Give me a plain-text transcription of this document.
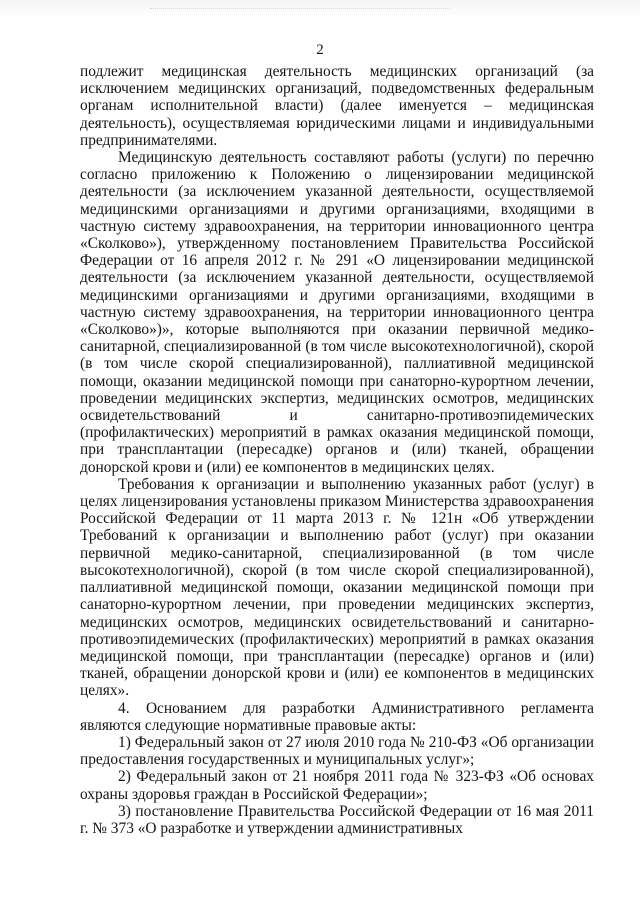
2

подлежит медицинская деятельность медицинских организаций (за исключением медицинских организаций, подведомственных федеральным органам исполнительной власти) (далее именуется – медицинская деятельность), осуществляемая юридическими лицами и индивидуальными предпринимателями.

Медицинскую деятельность составляют работы (услуги) по перечню согласно приложению к Положению о лицензировании медицинской деятельности (за исключением указанной деятельности, осуществляемой медицинскими организациями и другими организациями, входящими в частную систему здравоохранения, на территории инновационного центра «Сколково»), утвержденному постановлением Правительства Российской Федерации от 16 апреля 2012 г. № 291 «О лицензировании медицинской деятельности (за исключением указанной деятельности, осуществляемой медицинскими организациями и другими организациями, входящими в частную систему здравоохранения, на территории инновационного центра «Сколково»)», которые выполняются при оказании первичной медико-санитарной, специализированной (в том числе высокотехнологичной), скорой (в том числе скорой специализированной), паллиативной медицинской помощи, оказании медицинской помощи при санаторно-курортном лечении, проведении медицинских экспертиз, медицинских осмотров, медицинских освидетельствований и санитарно-противоэпидемических (профилактических) мероприятий в рамках оказания медицинской помощи, при трансплантации (пересадке) органов и (или) тканей, обращении донорской крови и (или) ее компонентов в медицинских целях.

Требования к организации и выполнению указанных работ (услуг) в целях лицензирования установлены приказом Министерства здравоохранения Российской Федерации от 11 марта 2013 г. № 121н «Об утверждении Требований к организации и выполнению работ (услуг) при оказании первичной медико-санитарной, специализированной (в том числе высокотехнологичной), скорой (в том числе скорой специализированной), паллиативной медицинской помощи, оказании медицинской помощи при санаторно-курортном лечении, при проведении медицинских экспертиз, медицинских осмотров, медицинских освидетельствований и санитарно-противоэпидемических (профилактических) мероприятий в рамках оказания медицинской помощи, при трансплантации (пересадке) органов и (или) тканей, обращении донорской крови и (или) ее компонентов в медицинских целях».

4. Основанием для разработки Административного регламента являются следующие нормативные правовые акты:

1) Федеральный закон от 27 июля 2010 года № 210-ФЗ «Об организации предоставления государственных и муниципальных услуг»;

2) Федеральный закон от 21 ноября 2011 года № 323-ФЗ «Об основах охраны здоровья граждан в Российской Федерации»;

3) постановление Правительства Российской Федерации от 16 мая 2011 г. № 373 «О разработке и утверждении административных
